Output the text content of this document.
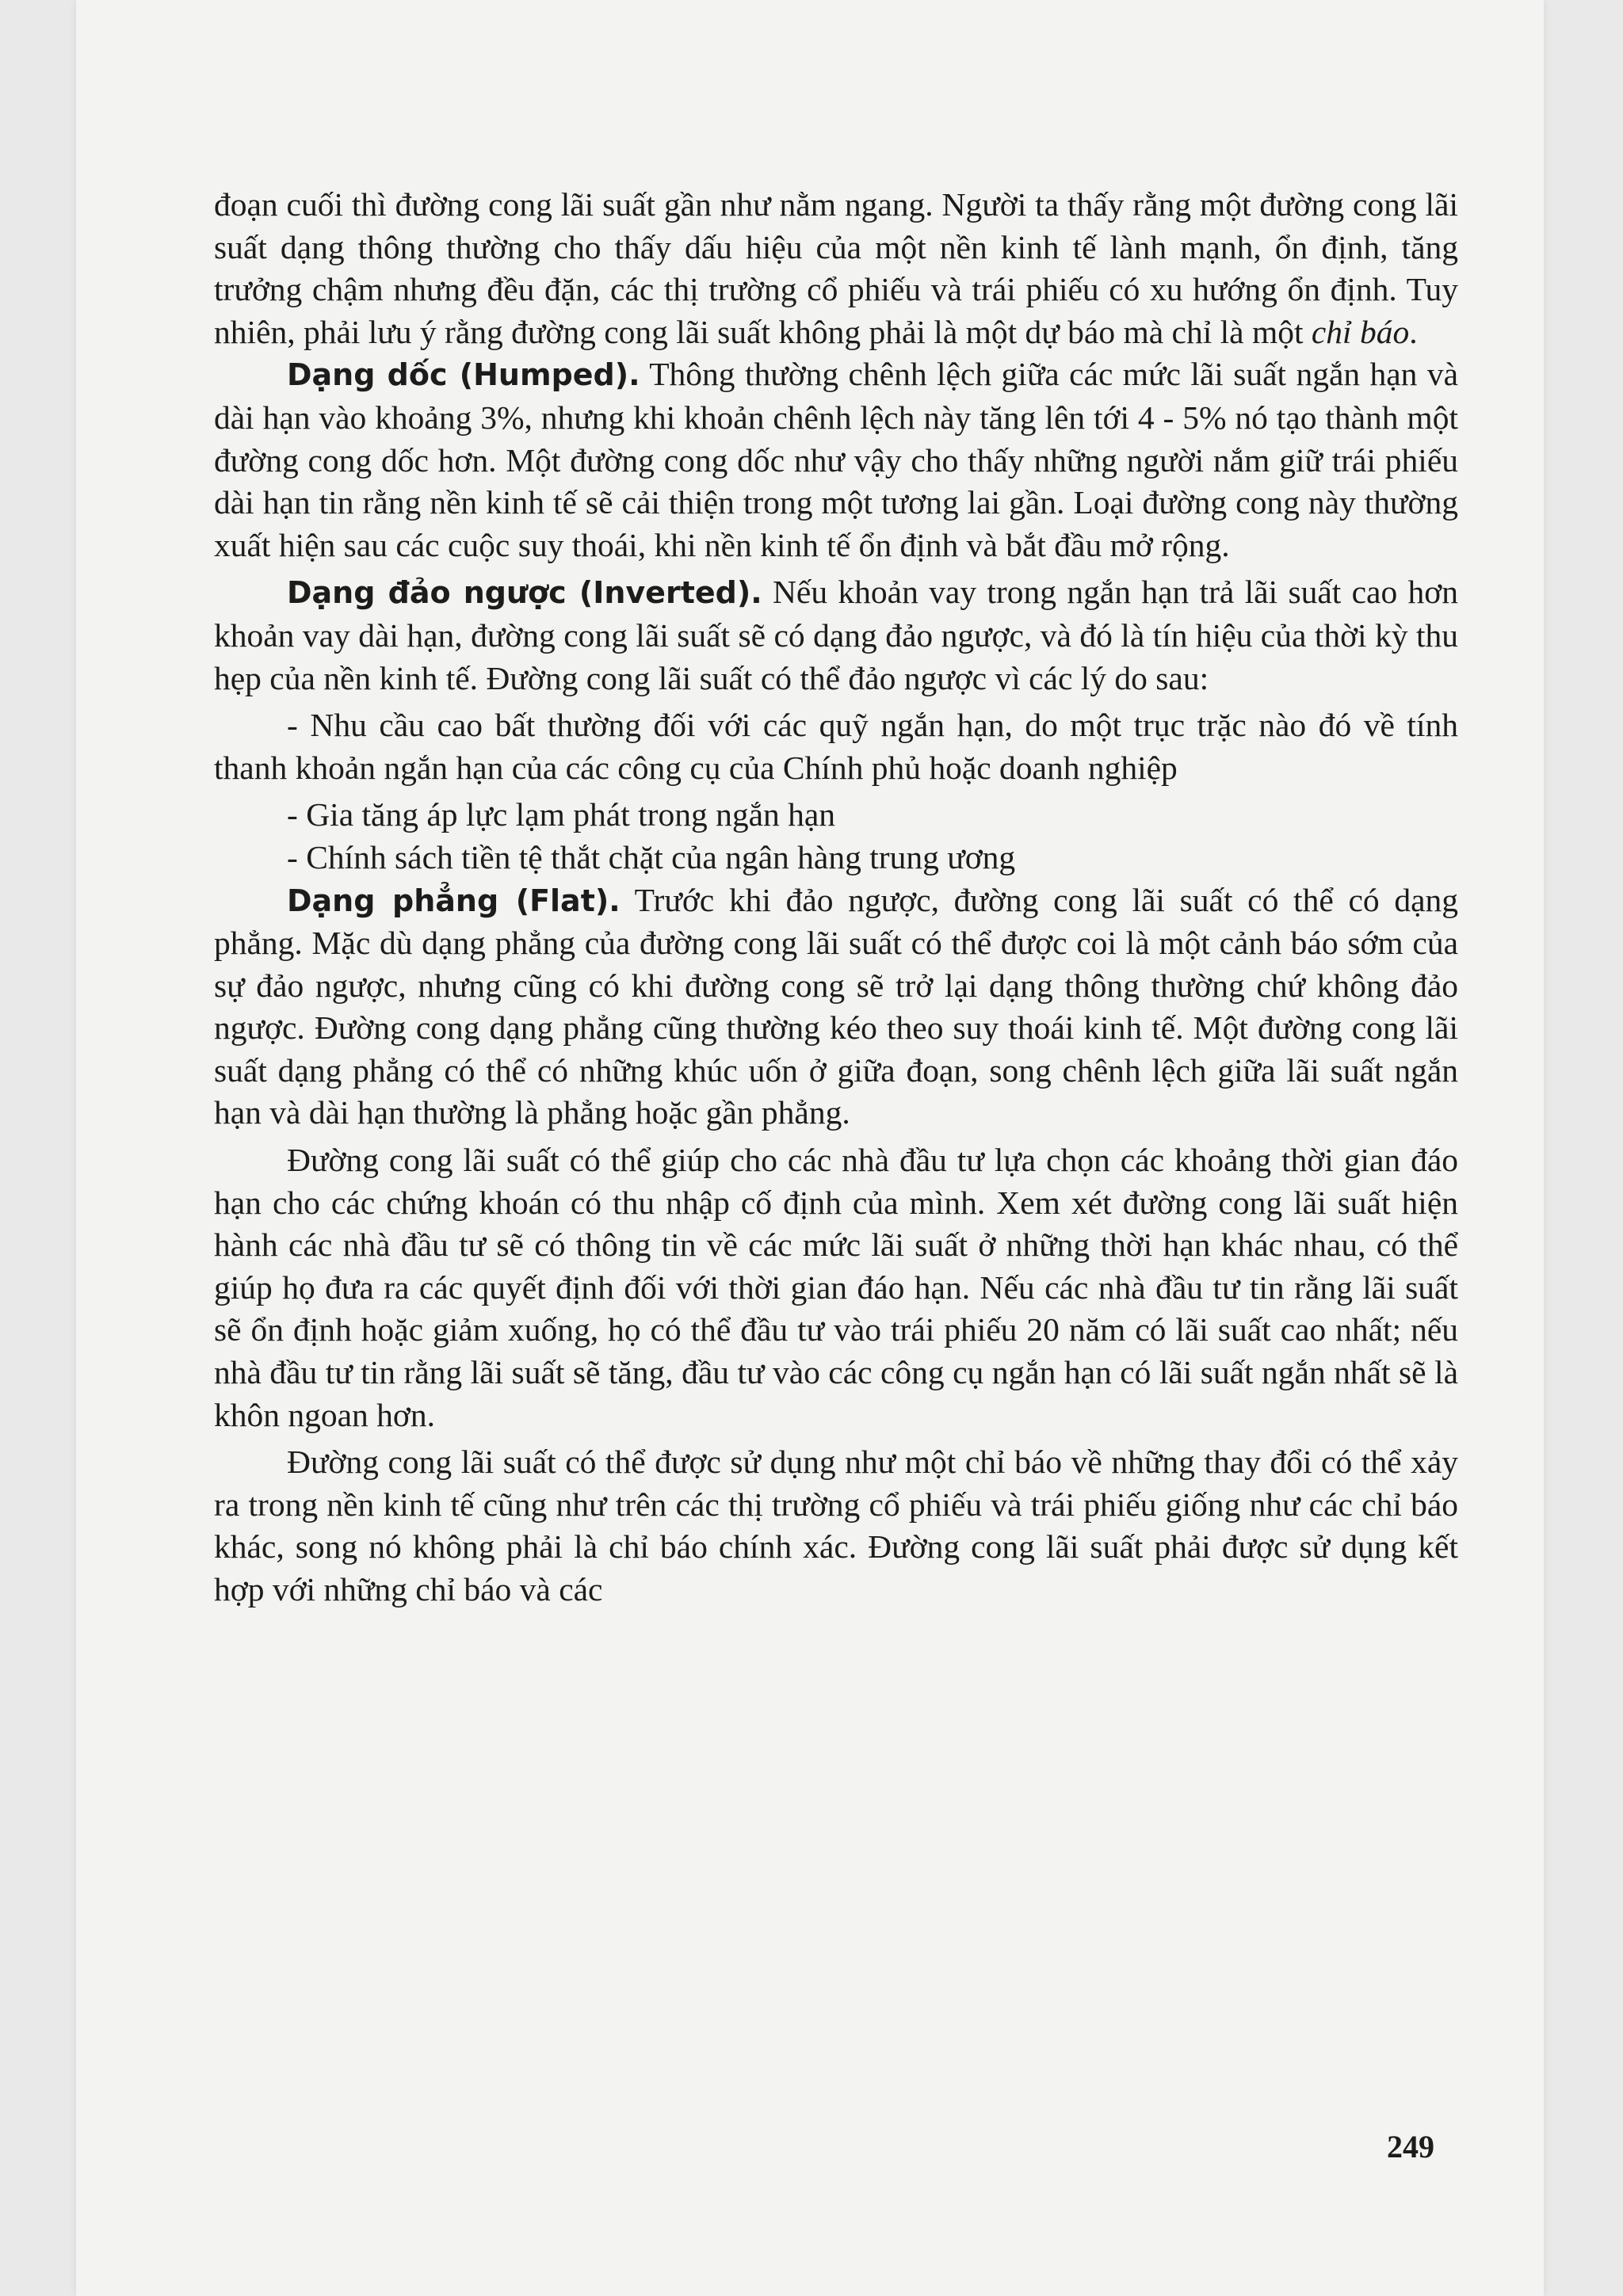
đoạn cuối thì đường cong lãi suất gần như nằm ngang. Người ta thấy rằng một đường cong lãi suất dạng thông thường cho thấy dấu hiệu của một nền kinh tế lành mạnh, ổn định, tăng trưởng chậm nhưng đều đặn, các thị trường cổ phiếu và trái phiếu có xu hướng ổn định. Tuy nhiên, phải lưu ý rằng đường cong lãi suất không phải là một dự báo mà chỉ là một chỉ báo.

Dạng dốc (Humped). Thông thường chênh lệch giữa các mức lãi suất ngắn hạn và dài hạn vào khoảng 3%, nhưng khi khoản chênh lệch này tăng lên tới 4 - 5% nó tạo thành một đường cong dốc hơn. Một đường cong dốc như vậy cho thấy những người nắm giữ trái phiếu dài hạn tin rằng nền kinh tế sẽ cải thiện trong một tương lai gần. Loại đường cong này thường xuất hiện sau các cuộc suy thoái, khi nền kinh tế ổn định và bắt đầu mở rộng.

Dạng đảo ngược (Inverted). Nếu khoản vay trong ngắn hạn trả lãi suất cao hơn khoản vay dài hạn, đường cong lãi suất sẽ có dạng đảo ngược, và đó là tín hiệu của thời kỳ thu hẹp của nền kinh tế. Đường cong lãi suất có thể đảo ngược vì các lý do sau:

- Nhu cầu cao bất thường đối với các quỹ ngắn hạn, do một trục trặc nào đó về tính thanh khoản ngắn hạn của các công cụ của Chính phủ hoặc doanh nghiệp

- Gia tăng áp lực lạm phát trong ngắn hạn

- Chính sách tiền tệ thắt chặt của ngân hàng trung ương

Dạng phẳng (Flat). Trước khi đảo ngược, đường cong lãi suất có thể có dạng phẳng. Mặc dù dạng phẳng của đường cong lãi suất có thể được coi là một cảnh báo sớm của sự đảo ngược, nhưng cũng có khi đường cong sẽ trở lại dạng thông thường chứ không đảo ngược. Đường cong dạng phẳng cũng thường kéo theo suy thoái kinh tế. Một đường cong lãi suất dạng phẳng có thể có những khúc uốn ở giữa đoạn, song chênh lệch giữa lãi suất ngắn hạn và dài hạn thường là phẳng hoặc gần phẳng.

Đường cong lãi suất có thể giúp cho các nhà đầu tư lựa chọn các khoảng thời gian đáo hạn cho các chứng khoán có thu nhập cố định của mình. Xem xét đường cong lãi suất hiện hành các nhà đầu tư sẽ có thông tin về các mức lãi suất ở những thời hạn khác nhau, có thể giúp họ đưa ra các quyết định đối với thời gian đáo hạn. Nếu các nhà đầu tư tin rằng lãi suất sẽ ổn định hoặc giảm xuống, họ có thể đầu tư vào trái phiếu 20 năm có lãi suất cao nhất; nếu nhà đầu tư tin rằng lãi suất sẽ tăng, đầu tư vào các công cụ ngắn hạn có lãi suất ngắn nhất sẽ là khôn ngoan hơn.

Đường cong lãi suất có thể được sử dụng như một chỉ báo về những thay đổi có thể xảy ra trong nền kinh tế cũng như trên các thị trường cổ phiếu và trái phiếu giống như các chỉ báo khác, song nó không phải là chỉ báo chính xác. Đường cong lãi suất phải được sử dụng kết hợp với những chỉ báo và các

249
